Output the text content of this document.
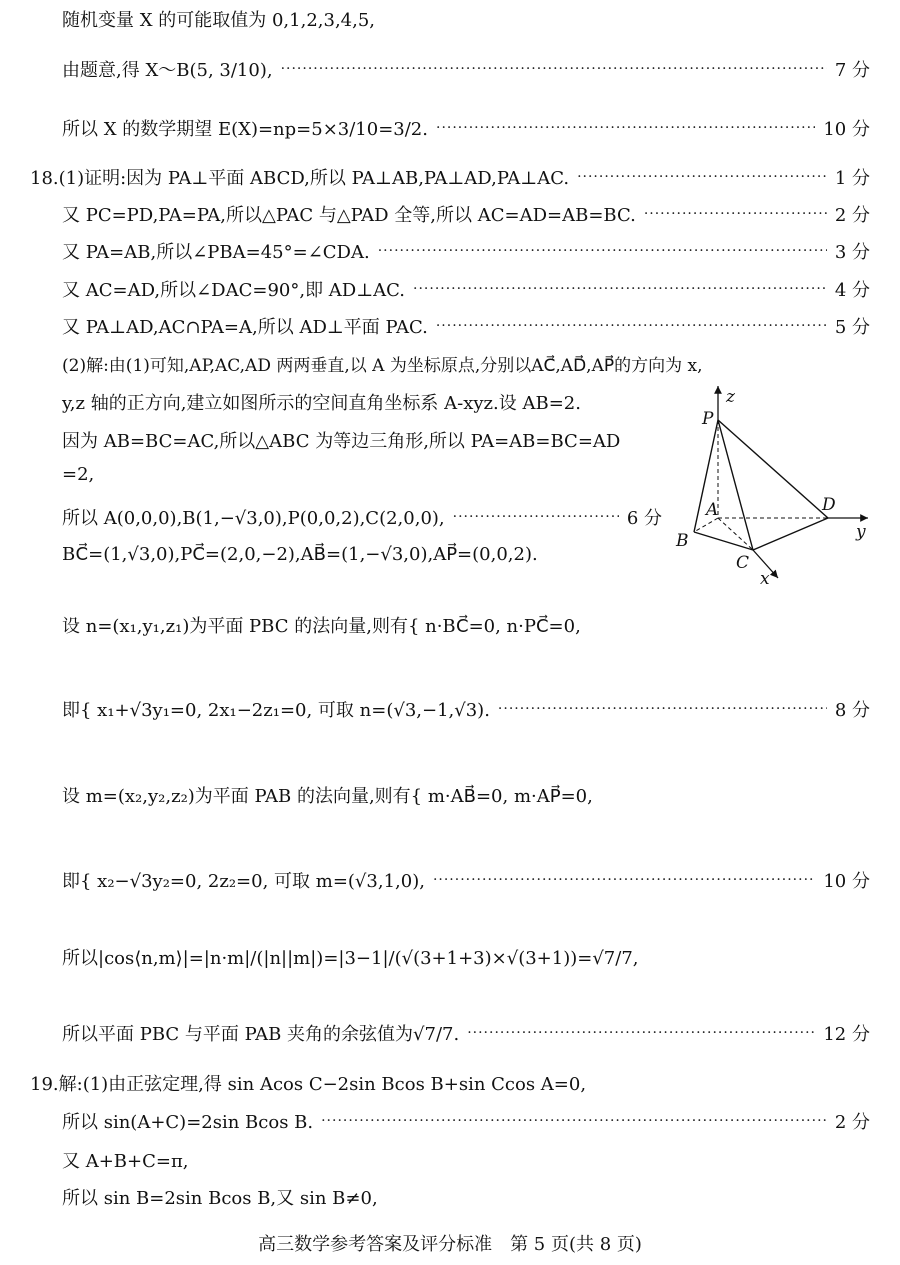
随机变量 X 的可能取值为 0,1,2,3,4,5,
由题意,得 X～B(5, 3/10), ·····	7 分
所以 X 的数学期望 E(X)=np=5×3/10=3/2. ·····	10 分
18.(1)证明:因为 PA⊥平面 ABCD,所以 PA⊥AB,PA⊥AD,PA⊥AC. ·····	1 分
又 PC=PD,PA=PA,所以△PAC 与△PAD 全等,所以 AC=AD=AB=BC. ·····	2 分
又 PA=AB,所以∠PBA=45°=∠CDA. ·····	3 分
又 AC=AD,所以∠DAC=90°,即 AD⊥AC. ·····	4 分
又 PA⊥AD,AC∩PA=A,所以 AD⊥平面 PAC. ·····	5 分
(2)解:由(1)可知,AP,AC,AD 两两垂直,以 A 为坐标原点,分别以AC⃗,AD⃗,AP⃗的方向为 x,
y,z 轴的正方向,建立如图所示的空间直角坐标系 A-xyz.设 AB=2.
因为 AB=BC=AC,所以△ABC 为等边三角形,所以 PA=AB=BC=AD
=2,
所以 A(0,0,0),B(1,−√3,0),P(0,0,2),C(2,0,0), ·····	6 分
BC⃗=(1,√3,0),PC⃗=(2,0,−2),AB⃗=(1,−√3,0),AP⃗=(0,0,2).
设 n=(x₁,y₁,z₁)为平面 PBC 的法向量,则有{ n·BC⃗=0, n·PC⃗=0,
即{ x₁+√3y₁=0, 2x₁−2z₁=0, 可取 n=(√3,−1,√3). ·····	8 分
设 m=(x₂,y₂,z₂)为平面 PAB 的法向量,则有{ m·AB⃗=0, m·AP⃗=0,
即{ x₂−√3y₂=0, 2z₂=0, 可取 m=(√3,1,0), ·····	10 分
所以|cos⟨n,m⟩|=|n·m|/(|n||m|)=|3−1|/(√(3+1+3)×√(3+1))=√7/7,
所以平面 PBC 与平面 PAB 夹角的余弦值为√7/7. ·····	12 分
19.解:(1)由正弦定理,得 sin Acos C−2sin Bcos B+sin Ccos A=0,
所以 sin(A+C)=2sin Bcos B. ·····	2 分
又 A+B+C=π,
所以 sin B=2sin Bcos B,又 sin B≠0,
z
P
A	D
y
B
C
x
高三数学参考答案及评分标准　第 5 页(共 8 页)
